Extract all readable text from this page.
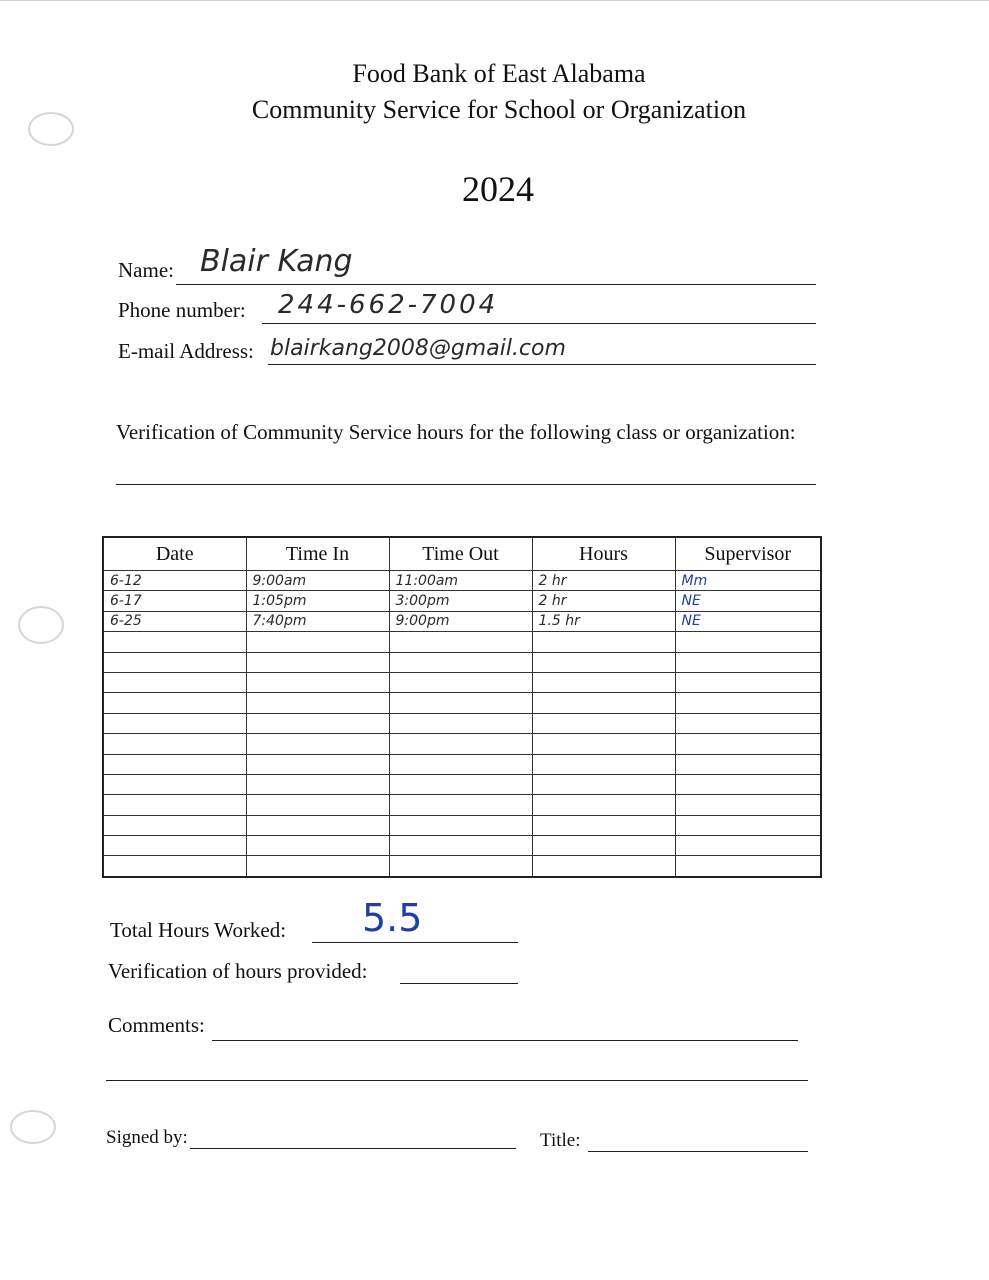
Food Bank of East Alabama
Community Service for School or Organization
2024
Name: Blair Kang
Phone number: 244-662-7004
E-mail Address: blairkang2008@gmail.com
Verification of Community Service hours for the following class or organization:
Date	Time In	Time Out	Hours	Supervisor
6-12	9:00am	11:00am	2 hr	Mm
6-17	1:05pm	3:00pm	2 hr	NE
6-25	7:40pm	9:00pm	1.5 hr	NE

Total Hours Worked: 5.5
Verification of hours provided:
Comments:
Signed by:	Title:
